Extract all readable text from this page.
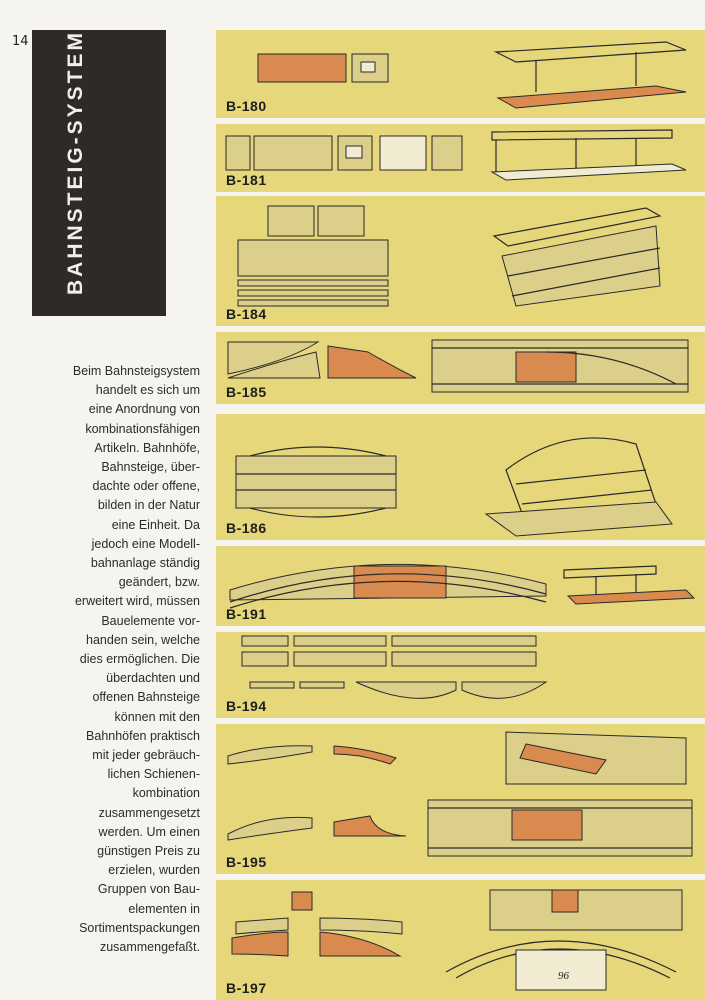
14	BAHNSTEIG-SYSTEM
Beim Bahnsteigsystem
handelt es sich um
eine Anordnung von
kombinationsfähigen
Artikeln. Bahnhöfe,
Bahnsteige, über-
dachte oder offene,
bilden in der Natur
eine Einheit. Da
jedoch eine Modell-
bahnanlage ständig
geändert, bzw.
erweitert wird, müssen
Bauelemente vor-
handen sein, welche
dies ermöglichen. Die
überdachten und
offenen Bahnsteige
können mit den
Bahnhöfen praktisch
mit jeder gebräuch-
lichen Schienen-
kombination
zusammengesetzt
werden. Um einen
günstigen Preis zu
erzielen, wurden
Gruppen von Bau-
elementen in
Sortimentspackungen
zusammengefaßt.
B-180
B-181
B-184
B-185
B-186
B-191
B-194
B-195
B-197
96
